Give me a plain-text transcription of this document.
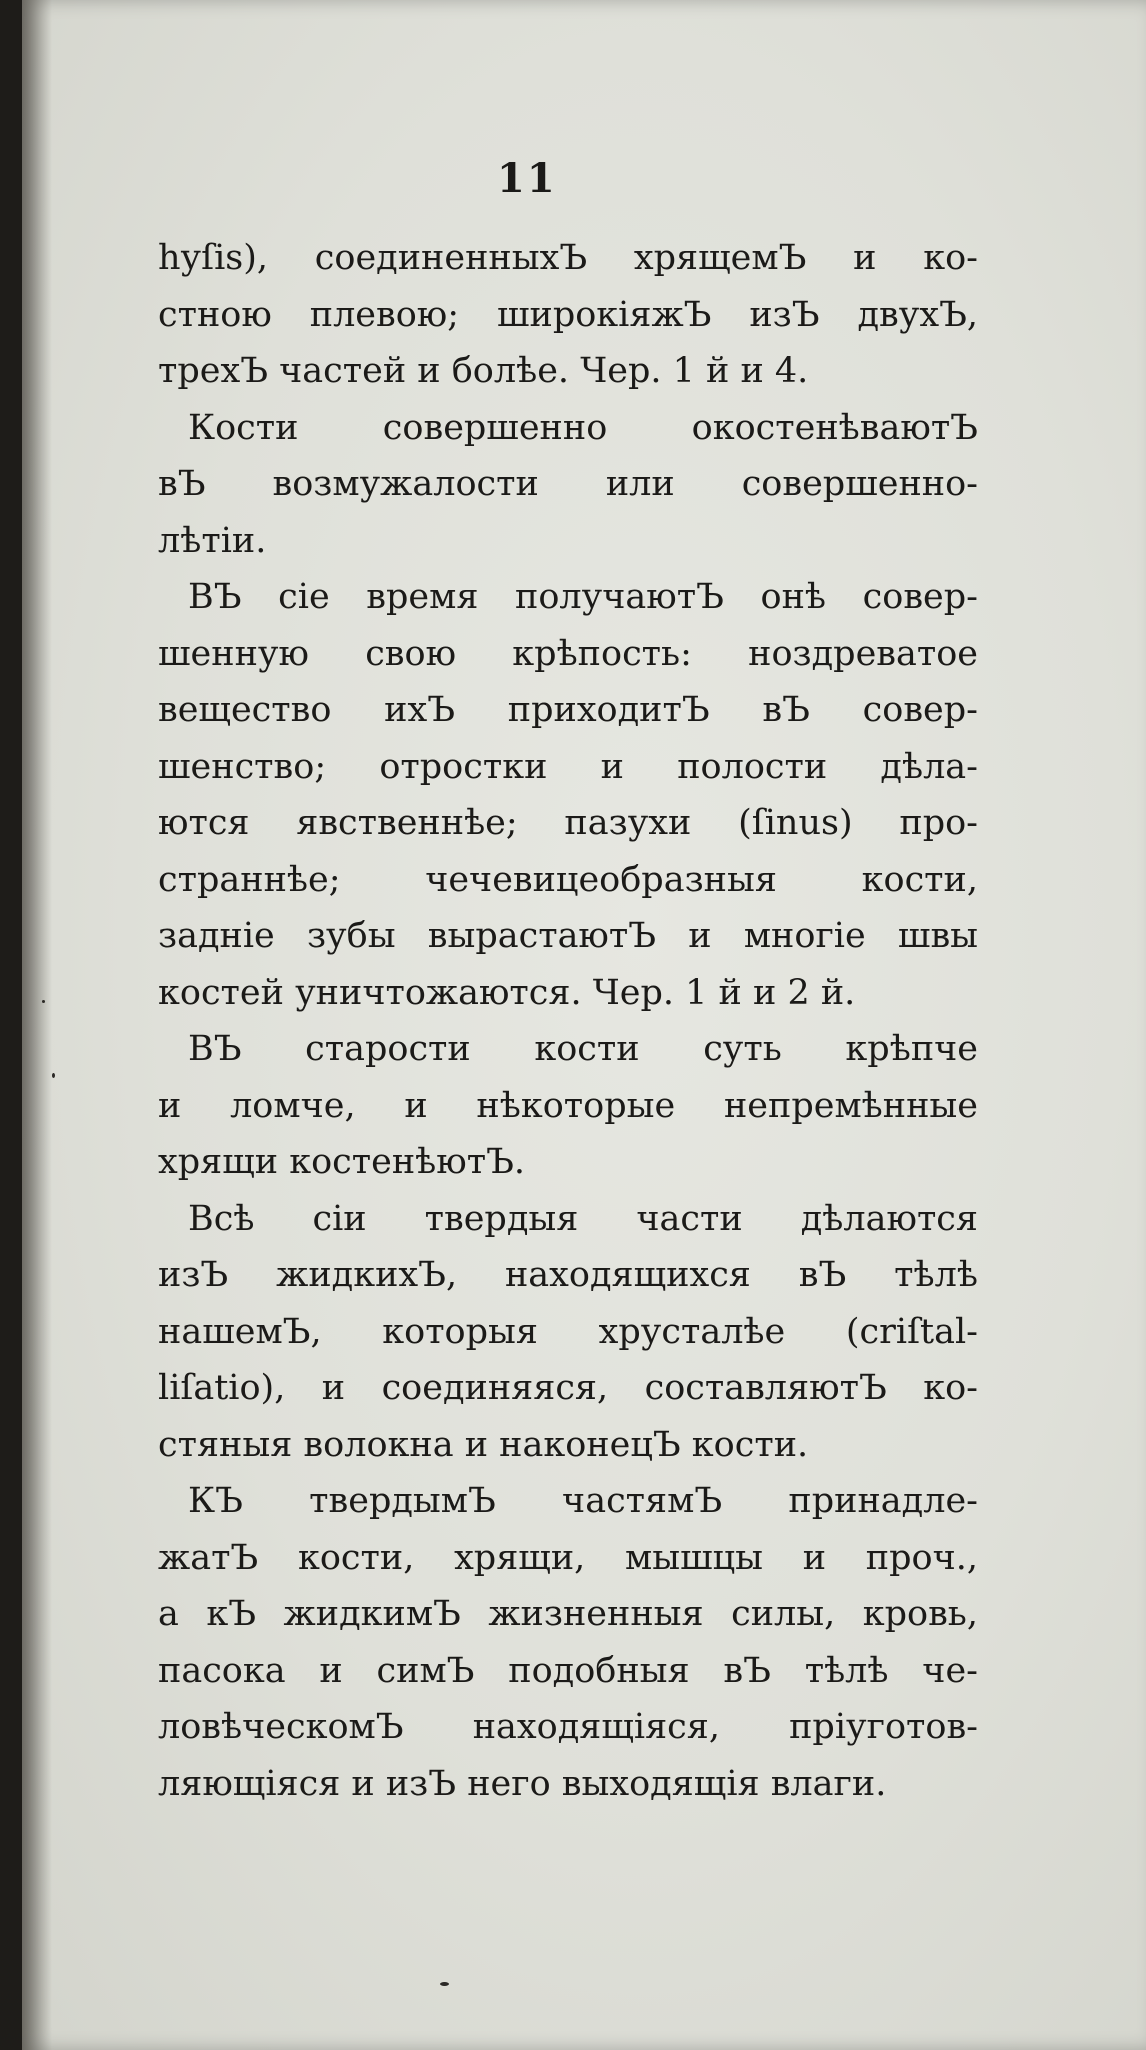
11
hуſis), соединенныхЪ хрящемЪ и ко-
стною плевою; широкіяжЪ изЪ двухЪ,
трехЪ частей и болѣе. Чер. 1 й и 4.
Кости совершенно окостенѣваютЪ
вЪ возмужалости или совершенно-
лѣтіи.
ВЪ сіе время получаютЪ онѣ совер-
шенную свою крѣпость: ноздреватое
вещество ихЪ приходитЪ вЪ совер-
шенство; отростки и полости дѣла-
ются явственнѣе; пазухи (ſinus) про-
страннѣе; чечевицеобразныя кости,
задніе зубы вырастаютЪ и многіе швы
костей уничтожаются. Чер. 1 й и 2 й.
ВЪ старости кости суть крѣпче
и ломче, и нѣкоторые непремѣнные
хрящи костенѣютЪ.
Всѣ сіи твердыя части дѣлаются
изЪ жидкихЪ, находящихся вЪ тѣлѣ
нашемЪ, которыя хрусталѣе (criſtal-
liſatio), и соединяяся, составляютЪ ко-
стяныя волокна и наконецЪ кости.
КЪ твердымЪ частямЪ принадле-
жатЪ кости, хрящи, мышцы и проч.,
а кЪ жидкимЪ жизненныя силы, кровь,
пасока и симЪ подобныя вЪ тѣлѣ че-
ловѣческомЪ находящіяся, пріуготов-
ляющіяся и изЪ него выходящія влаги.
